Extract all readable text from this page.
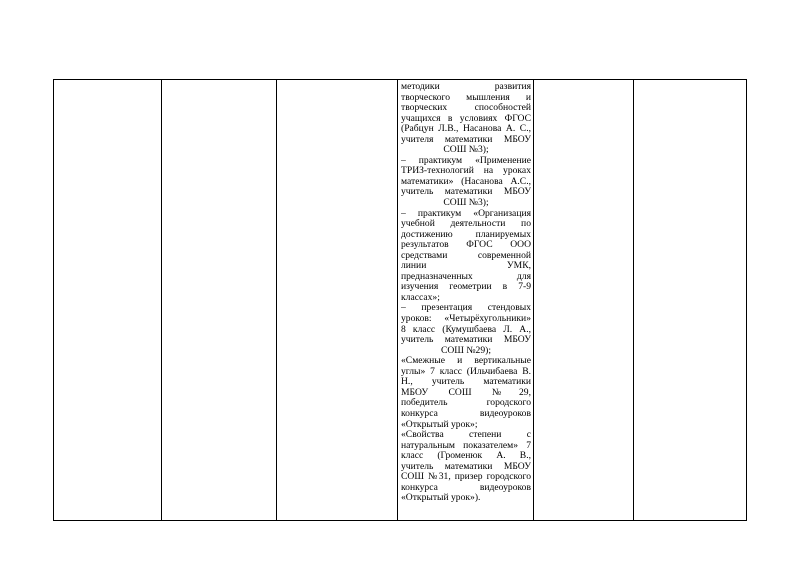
методики развития
творческого мышления и
творческих способностей
учащихся в условиях ФГОС
(Рабцун Л.В., Насанова А. С.,
учителя математики МБОУ
СОШ №3);
– практикум «Применение
ТРИЗ-технологий на уроках
математики» (Насанова А.С.,
учитель математики МБОУ
СОШ №3);
– практикум «Организация
учебной деятельности по
достижению планируемых
результатов ФГОС ООО
средствами современной
линии УМК,
предназначенных для
изучения геометрии в 7-9
классах»;
– презентация стендовых
уроков: «Четырёхугольники»
8 класс (Кумушбаева Л. А.,
учитель математики МБОУ
СОШ №29);
«Смежные и вертикальные
углы» 7 класс (Ильчибаева В.
Н., учитель математики
МБОУ СОШ №29,
победитель городского
конкурса видеоуроков
«Открытый урок»;
«Свойства степени с
натуральным показателем» 7
класс (Громенюк А. В.,
учитель математики МБОУ
СОШ №31, призер городского
конкурса видеоуроков
«Открытый урок»).
